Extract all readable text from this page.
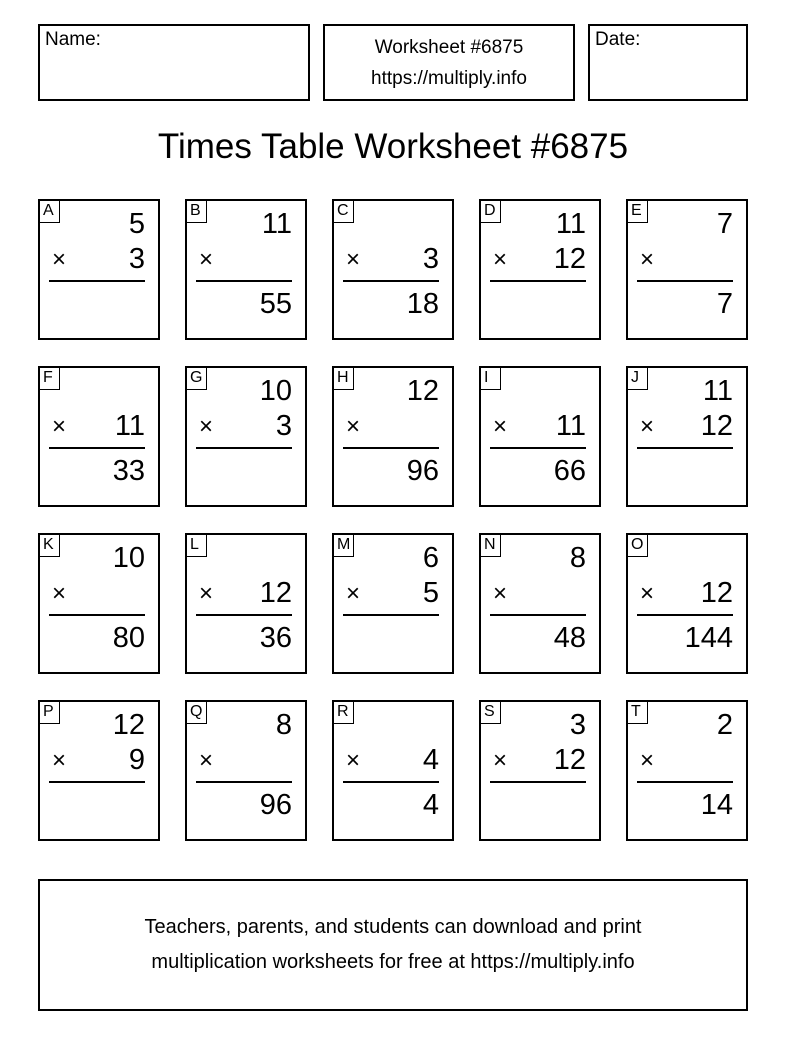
Name:	Worksheet #6875
https://multiply.info
Date:
Times Table Worksheet #6875
A	5
× 3
B 11
×
55
C
× 3
18
D 11
× 12
E	7
×
7
F
× 11
33
G 10
× 3
H 12
×
96
I
× 11
66
J	11
× 12
K 10
×
80
L
× 12
36
M	6
× 5
N	8
×
48
O
× 12
144
P 12
× 9
Q	8
×
96
R
× 4
4
S	3
× 12
T	2
×
14
Teachers, parents, and students can download and print
multiplication worksheets for free at https://multiply.info
